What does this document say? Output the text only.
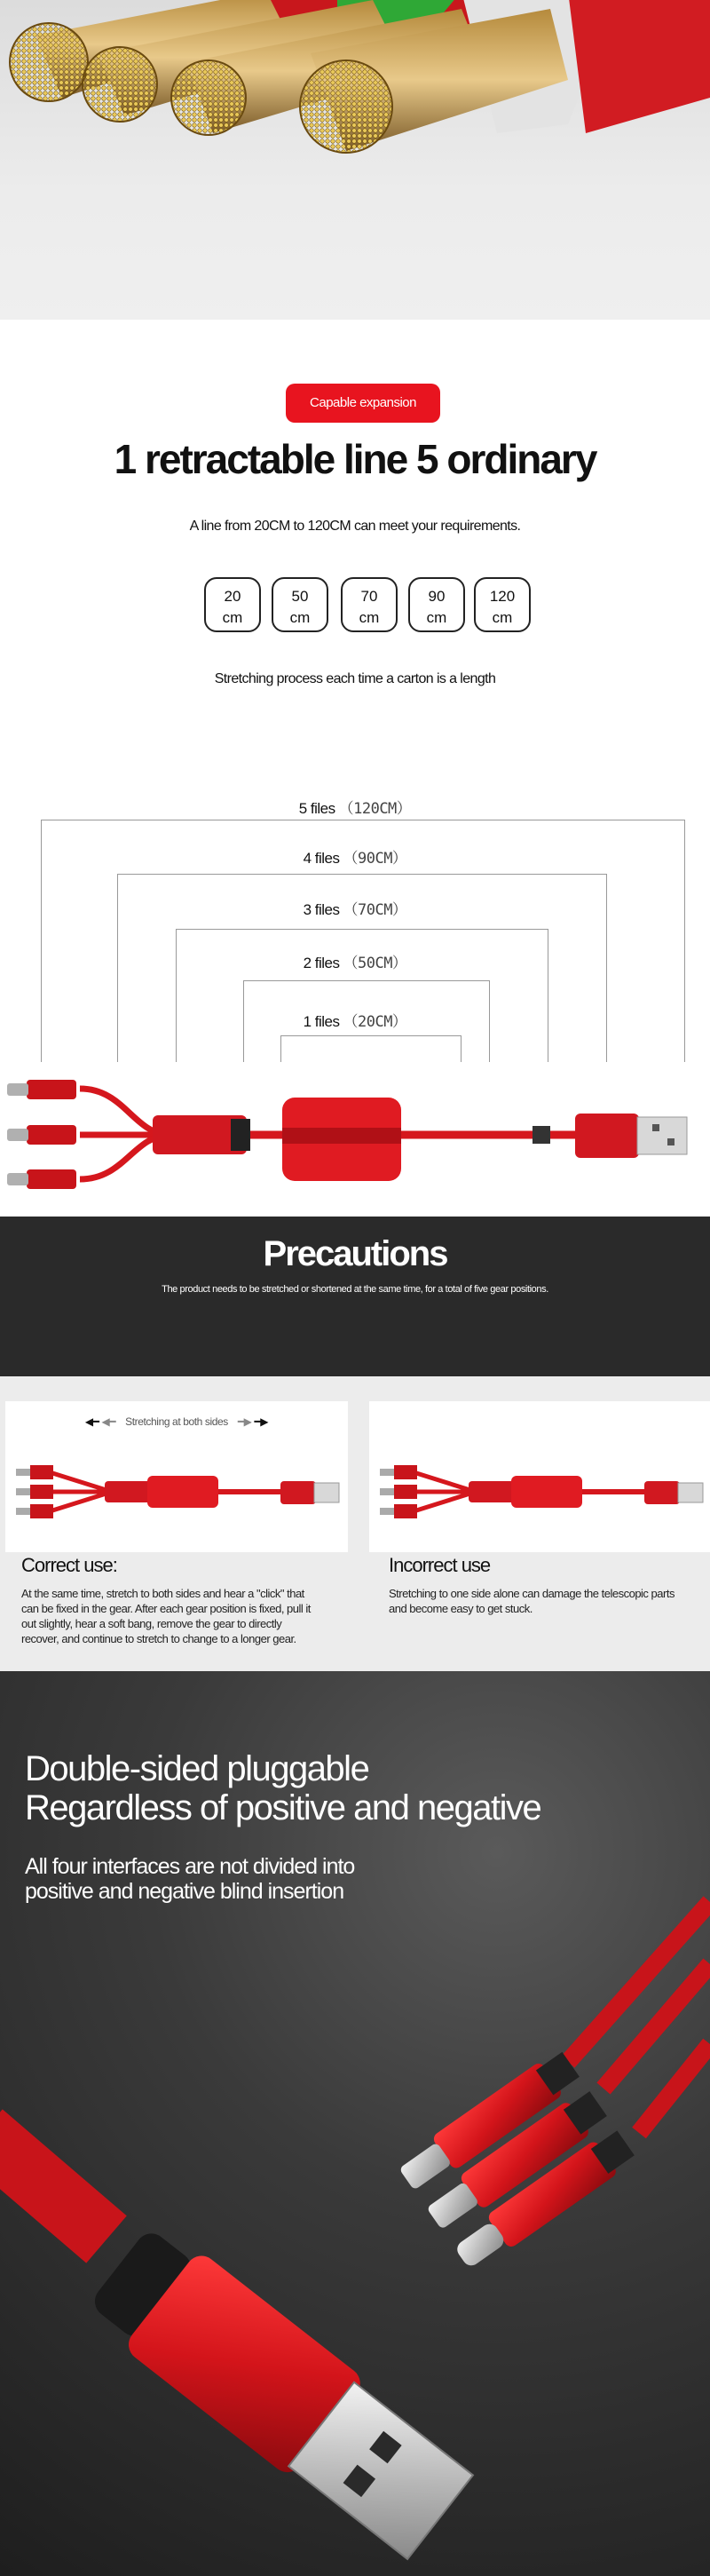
Capable expansion
1 retractable line 5 ordinary
A line from 20CM to 120CM can meet your requirements.
20
cm
50
cm
70
cm
90
cm
120
cm
Stretching process each time a carton is a length
5 files （120CM）
4 files （90CM）
3 files （70CM）
2 files （50CM）
1 files （20CM）
Precautions
The product needs to be stretched or shortened at the same time, for a total of five gear positions.
◀━ ◀━ Stretching at both sides ━▶ ━▶
Correct use:
At the same time, stretch to both sides and hear a "click" that can be fixed in the gear. After each gear position is fixed, pull it out slightly, hear a soft bang, remove the gear to directly recover, and continue to stretch to change to a longer gear.
Incorrect use
Stretching to one side alone can damage the telescopic parts and become easy to get stuck.
Double-sided pluggable
Regardless of positive and negative
All four interfaces are not divided into
positive and negative blind insertion
